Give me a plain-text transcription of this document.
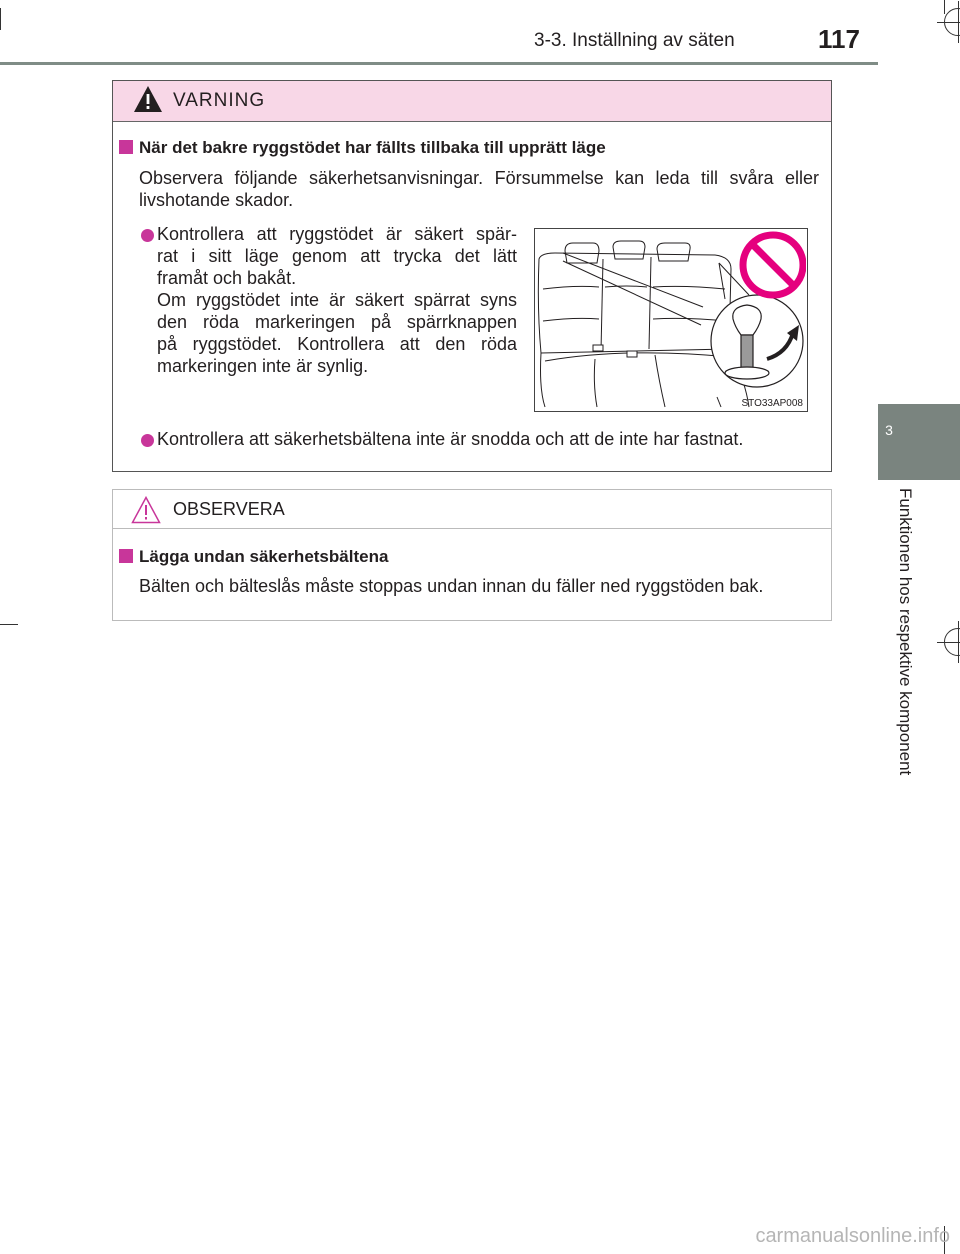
3-3. Inställning av säten	117
3
Funktionen hos respektive komponent
VARNING
När det bakre ryggstödet har fällts tillbaka till upprätt läge
Observera följande säkerhetsanvisningar. Försummelse kan leda till svåra eller livshotande skador.
Kontrollera att ryggstödet är säkert spär-
rat i sitt läge genom att trycka det lätt
framåt och bakåt.
Om ryggstödet inte är säkert spärrat syns
den röda markeringen på spärrknappen
på ryggstödet. Kontrollera att den röda
markeringen inte är synlig.
Kontrollera att säkerhetsbältena inte är snodda och att de inte har fastnat.
STO33AP008
OBSERVERA
Lägga undan säkerhetsbältena
Bälten och bälteslås måste stoppas undan innan du fäller ned ryggstöden bak.
carmanualsonline.info
